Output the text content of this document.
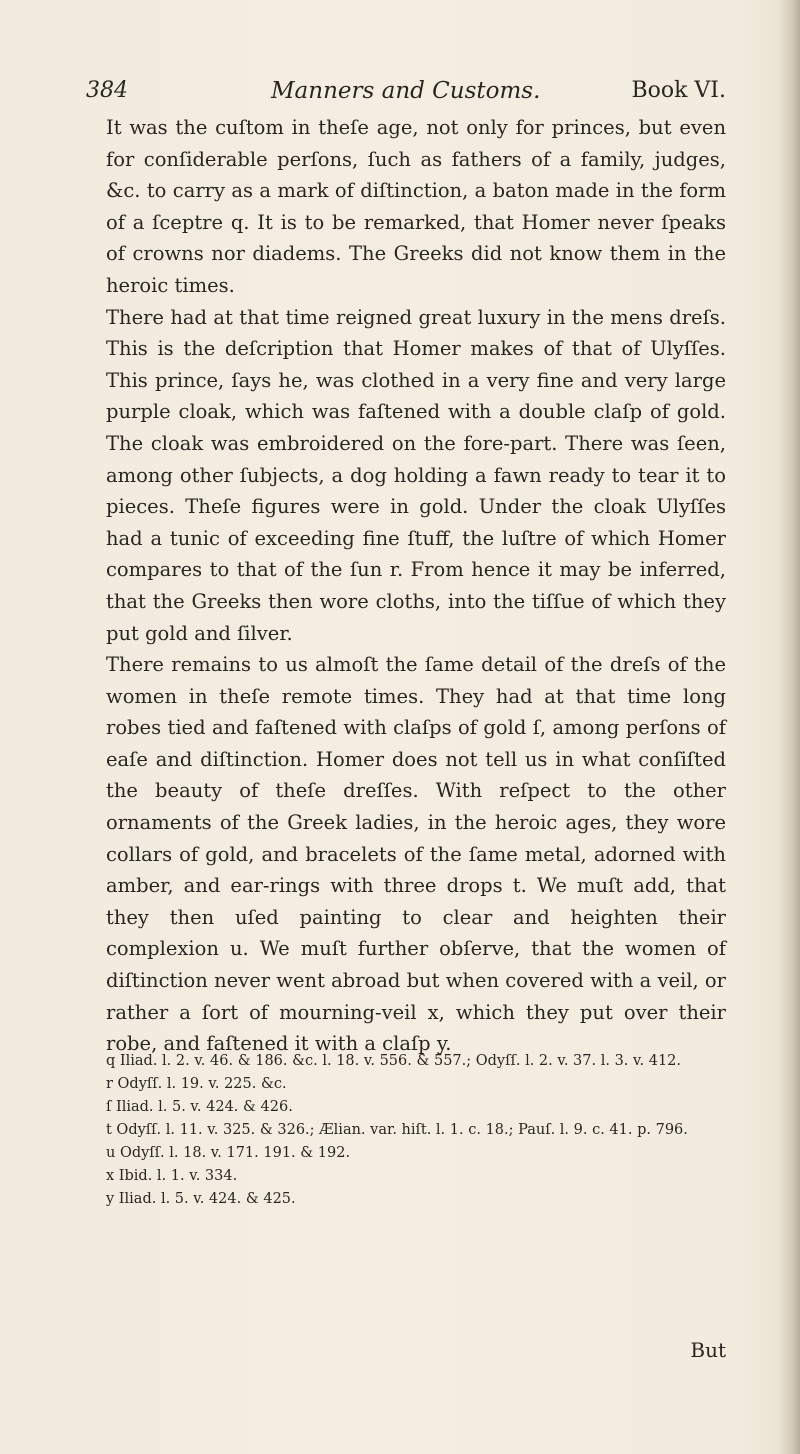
384	Manners and Customs.	Book VI.

It was the cuſtom in theſe age, not only for princes, but even for conſiderable perſons, ſuch as fathers of a family, judges, &c. to carry as a mark of diſtinction, a baton made in the form of a ſceptre q. It is to be remarked, that Homer never ſpeaks of crowns nor diadems. The Greeks did not know them in the heroic times.

There had at that time reigned great luxury in the mens dreſs. This is the deſcription that Homer makes of that of Ulyſſes. This prince, ſays he, was clothed in a very fine and very large purple cloak, which was faſtened with a double claſp of gold. The cloak was embroidered on the fore-part. There was ſeen, among other ſubjects, a dog holding a fawn ready to tear it to pieces. Theſe figures were in gold. Under the cloak Ulyſſes had a tunic of exceeding fine ſtuff, the luſtre of which Homer compares to that of the ſun r. From hence it may be inferred, that the Greeks then wore cloths, into the tiſſue of which they put gold and ſilver.

There remains to us almoſt the ſame detail of the dreſs of the women in theſe remote times. They had at that time long robes tied and faſtened with claſps of gold ſ, among perſons of eaſe and diſtinction. Homer does not tell us in what conſiſted the beauty of theſe dreſſes. With reſpect to the other ornaments of the Greek ladies, in the heroic ages, they wore collars of gold, and bracelets of the ſame metal, adorned with amber, and ear-rings with three drops t. We muſt add, that they then uſed painting to clear and heighten their complexion u. We muſt further obſerve, that the women of diſtinction never went abroad but when covered with a veil, or rather a ſort of mourning-veil x, which they put over their robe, and faſtened it with a claſp y.

q Iliad. l. 2. v. 46. & 186. &c. l. 18. v. 556. & 557.; Odyſſ. l. 2. v. 37. l. 3. v. 412.
r Odyſſ. l. 19. v. 225. &c.
ſ Iliad. l. 5. v. 424. & 426.
t Odyſſ. l. 11. v. 325. & 326.; Ælian. var. hiſt. l. 1. c. 18.; Pauſ. l. 9. c. 41. p. 796.
u Odyſſ. l. 18. v. 171. 191. & 192.
x Ibid. l. 1. v. 334.
y Iliad. l. 5. v. 424. & 425.
But
